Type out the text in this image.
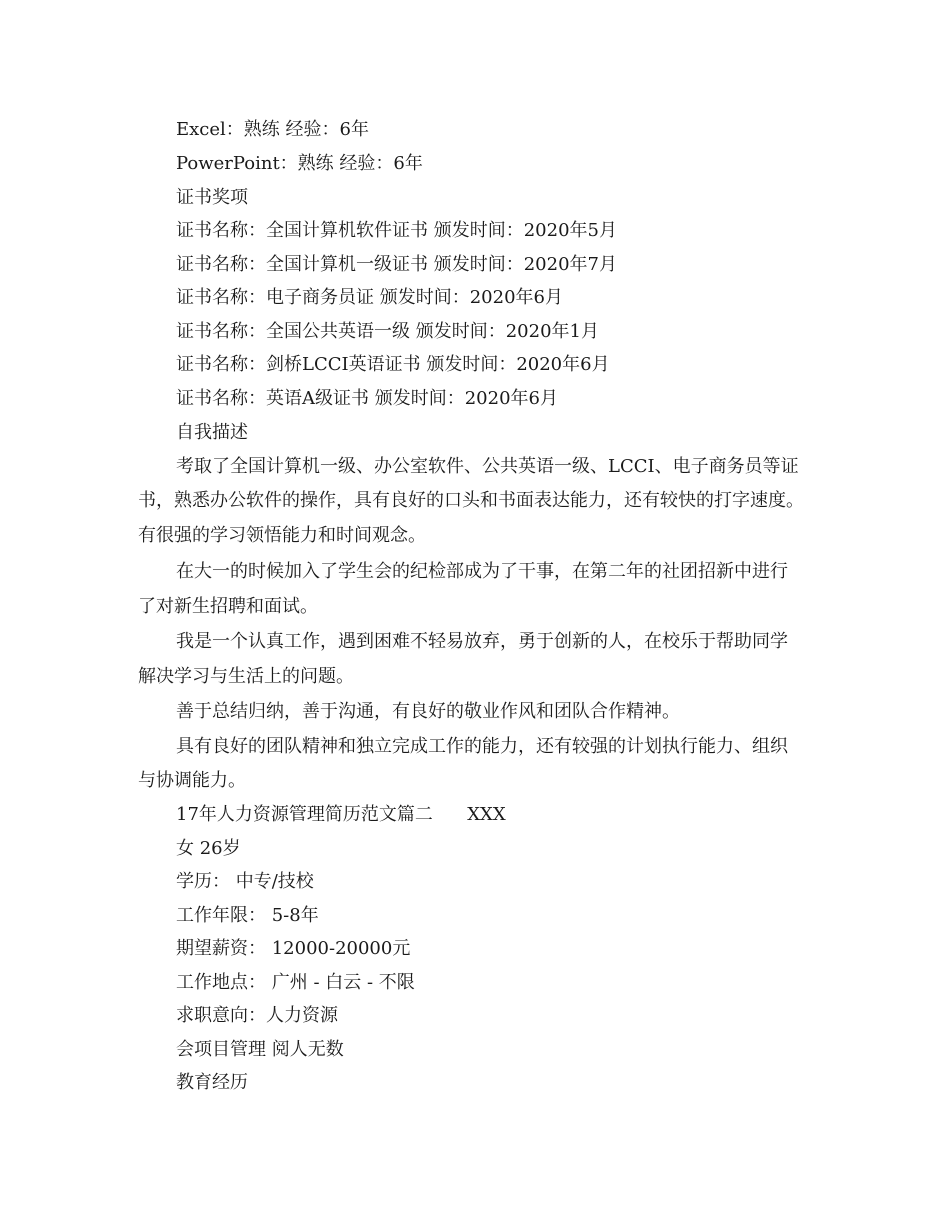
Excel：熟练 经验：6年
PowerPoint：熟练 经验：6年
证书奖项
证书名称：全国计算机软件证书 颁发时间：2020年5月
证书名称：全国计算机一级证书 颁发时间：2020年7月
证书名称：电子商务员证 颁发时间：2020年6月
证书名称：全国公共英语一级 颁发时间：2020年1月
证书名称：剑桥LCCI英语证书 颁发时间：2020年6月
证书名称：英语A级证书 颁发时间：2020年6月
自我描述
考取了全国计算机一级、办公室软件、公共英语一级、LCCI、电子商务员等证
书，熟悉办公软件的操作，具有良好的口头和书面表达能力，还有较快的打字速度。
有很强的学习领悟能力和时间观念。
在大一的时候加入了学生会的纪检部成为了干事，在第二年的社团招新中进行
了对新生招聘和面试。
我是一个认真工作，遇到困难不轻易放弃，勇于创新的人，在校乐于帮助同学
解决学习与生活上的问题。
善于总结归纳，善于沟通，有良好的敬业作风和团队合作精神。
具有良好的团队精神和独立完成工作的能力，还有较强的计划执行能力、组织
与协调能力。
17年人力资源管理简历范文篇二      XXX
女 26岁
学历： 中专/技校
工作年限： 5-8年
期望薪资： 12000-20000元
工作地点： 广州 - 白云 - 不限
求职意向：人力资源
会项目管理 阅人无数
教育经历
